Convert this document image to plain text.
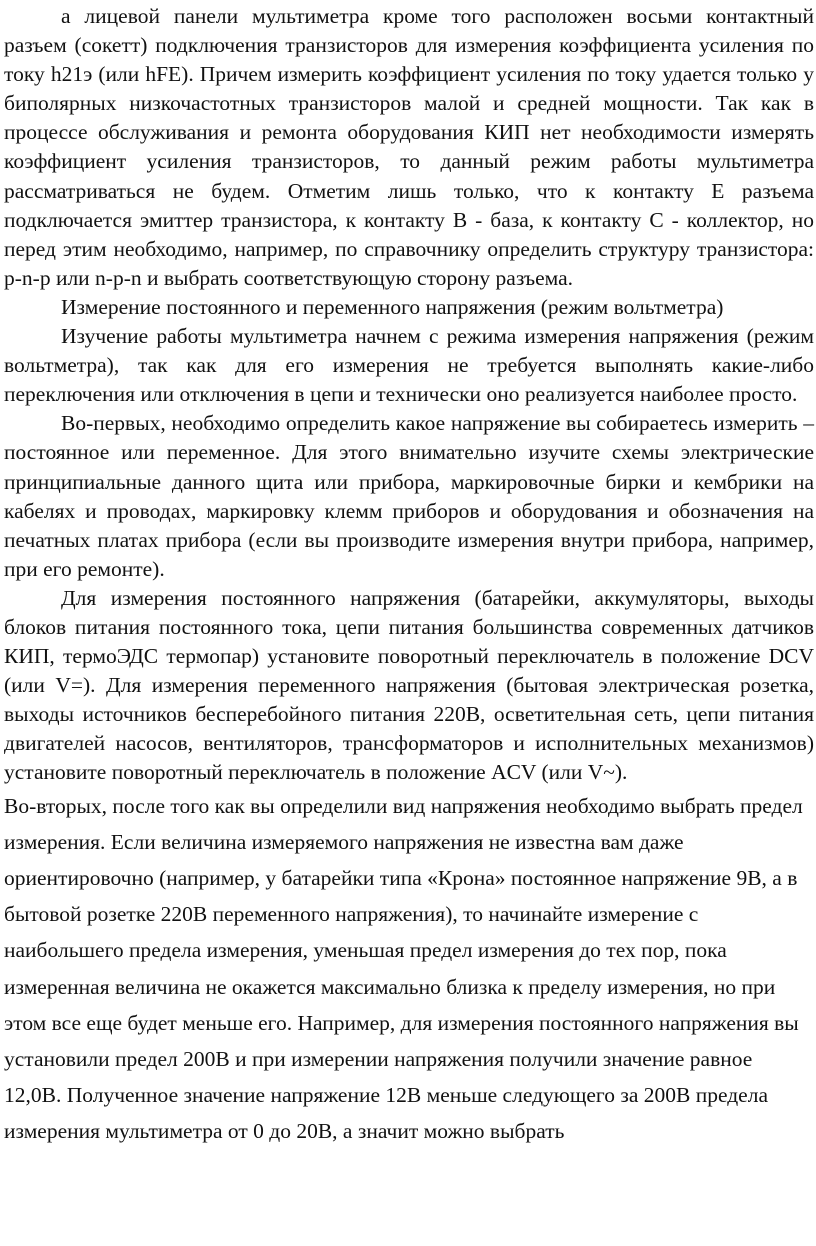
а лицевой панели мультиметра кроме того расположен восьми контактный разъем (сокетт) подключения транзисторов для измерения коэффициента усиления по току h21э (или hFE). Причем измерить коэффициент усиления по току удается только у биполярных низкочастотных транзисторов малой и средней мощности. Так как в процессе обслуживания и ремонта оборудования КИП нет необходимости измерять коэффициент усиления транзисторов, то данный режим работы мультиметра рассматриваться не будем. Отметим лишь только, что к контакту Е разъема подключается эмиттер транзистора, к контакту В - база, к контакту С - коллектор, но перед этим необходимо, например, по справочнику определить структуру транзистора: p-n-p или n-p-n и выбрать соответствующую сторону разъема.

Измерение постоянного и переменного напряжения (режим вольтметра)

Изучение работы мультиметра начнем с режима измерения напряжения (режим вольтметра), так как для его измерения не требуется выполнять какие-либо переключения или отключения в цепи и технически оно реализуется наиболее просто.

Во-первых, необходимо определить какое напряжение вы собираетесь измерить – постоянное или переменное. Для этого внимательно изучите схемы электрические принципиальные данного щита или прибора, маркировочные бирки и кембрики на кабелях и проводах, маркировку клемм приборов и оборудования и обозначения на печатных платах прибора (если вы производите измерения внутри прибора, например, при его ремонте).

Для измерения постоянного напряжения (батарейки, аккумуляторы, выходы блоков питания постоянного тока, цепи питания большинства современных датчиков КИП, термоЭДС термопар) установите поворотный переключатель в положение DCV (или V=). Для измерения переменного напряжения (бытовая электрическая розетка, выходы источников бесперебойного питания 220В, осветительная сеть, цепи питания двигателей насосов, вентиляторов, трансформаторов и исполнительных механизмов) установите поворотный переключатель в положение ACV (или V~).

Во-вторых, после того как вы определили вид напряжения необходимо выбрать предел измерения. Если величина измеряемого напряжения не известна вам даже ориентировочно (например, у батарейки типа «Крона» постоянное напряжение 9В, а в бытовой розетке 220В переменного напряжения), то начинайте измерение с наибольшего предела измерения, уменьшая предел измерения до тех пор, пока измеренная величина не окажется максимально близка к пределу измерения, но при этом все еще будет меньше его. Например, для измерения постоянного напряжения вы установили предел 200В и при измерении напряжения получили значение равное 12,0В. Полученное значение напряжение 12В меньше следующего за 200В предела измерения мультиметра от 0 до 20В, а значит можно выбрать
